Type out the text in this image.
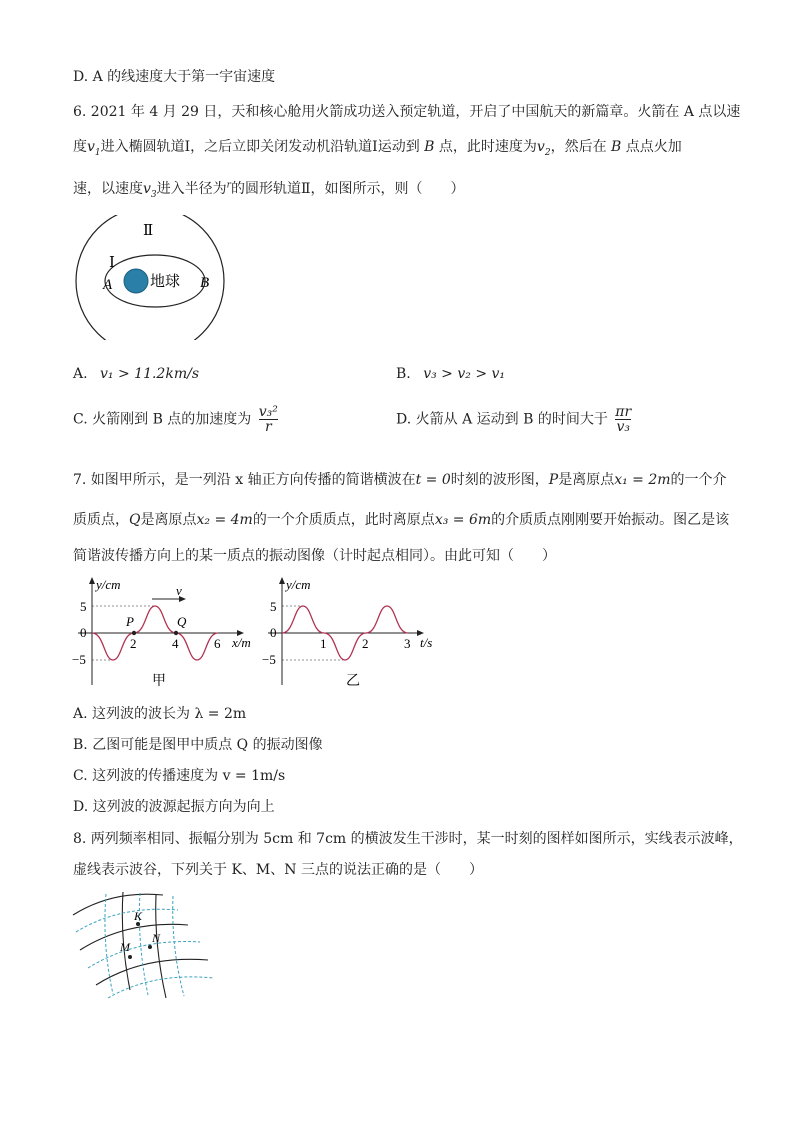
D. A 的线速度大于第一宇宙速度
6. 2021 年 4 月 29 日，天和核心舱用火箭成功送入预定轨道，开启了中国航天的新篇章。火箭在 A 点以速
度$v_1$进入椭圆轨道Ⅰ，之后立即关闭发动机沿轨道Ⅰ运动到 B 点，此时速度为$v_2$，然后在 B 点点火加
速，以速度$v_3$进入半径为$^r$的圆形轨道Ⅱ，如图所示，则（　　）
Ⅱ
Ⅰ
A	B
地球
A. v₁ > 11.2km/s	B. v₃ > v₂ > v₁
C. 火箭刚到 B 点的加速度为 $\frac{\text{v₃²}}{r}$	D. 火箭从 A 运动到 B 的时间大于 $\frac{\pi r}{\text{v₃}}$
7. 如图甲所示，是一列沿 x 轴正方向传播的简谐横波在t = 0时刻的波形图，P是离原点x₁ = 2m的一个介
质质点，Q是离原点x₂ = 4m的一个介质质点，此时离原点x₃ = 6m的介质质点刚刚要开始振动。图乙是该
简谐波传播方向上的某一质点的振动图像（计时起点相同）。由此可知（　　）
v
P	Q
y/cm
5
0
−5
2	4	6 x/m
甲
y/cm
5
0
−5
1	2	3 t/s
乙
A. 这列波的波长为 λ = 2m
B. 乙图可能是图甲中质点 Q 的振动图像
C. 这列波的传播速度为 v = 1m/s
D. 这列波的波源起振方向为向上
8. 两列频率相同、振幅分别为 5cm 和 7cm 的横波发生干涉时，某一时刻的图样如图所示，实线表示波峰，
虚线表示波谷，下列关于 K、M、N 三点的说法正确的是（　　）
K
M
N
